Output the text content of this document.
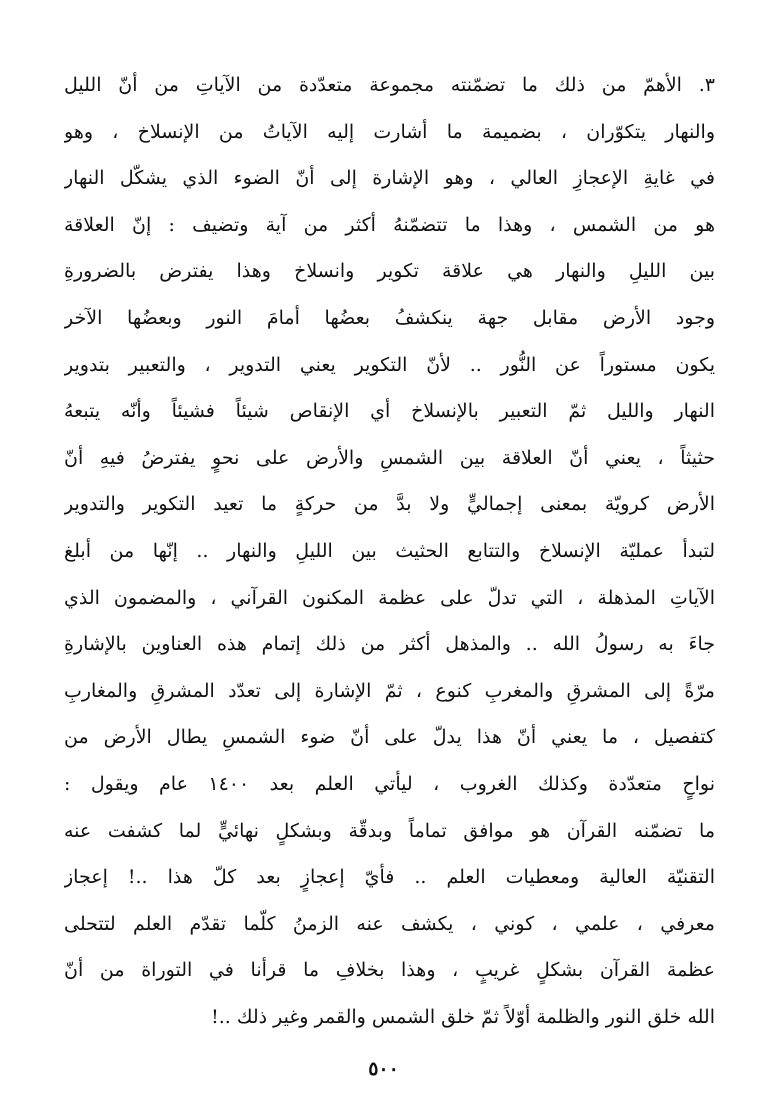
٣. الأهمّ من ذلك ما تضمّنته مجموعة متعدّدة من الآياتِ من أنّ الليل
والنهار يتكوّران ، بضميمة ما أشارت إليه الآياتُ من الإنسلاخ ، وهو
في غايةِ الإعجازِ العالي ، وهو الإشارة إلى أنّ الضوء الذي يشكّل النهار
هو من الشمس ، وهذا ما تتضمّنهُ أكثر من آية وتضيف : إنّ العلاقة
بين الليلِ والنهار هي علاقة تكوير وانسلاخ وهذا يفترض بالضرورةِ
وجود الأرض مقابل جهة ينكشفُ بعضُها أمامَ النور وبعضُها الآخر
يكون مستوراً عن النُّور .. لأنّ التكوير يعني التدوير ، والتعبير بتدوير
النهار والليل ثمّ التعبير بالإنسلاخ أي الإنقاص شيئاً فشيئاً وأنّه يتبعهُ
حثيثاً ، يعني أنّ العلاقة بين الشمسِ والأرض على نحوٍ يفترضُ فيهِ أنّ
الأرض كرويّة بمعنى إجماليٍّ ولا بدَّ من حركةٍ ما تعيد التكوير والتدوير
لتبدأ عمليّة الإنسلاخ والتتابع الحثيث بين الليلِ والنهار .. إنّها من أبلغ
الآياتِ المذهلة ، التي تدلّ على عظمة المكنون القرآني ، والمضمون الذي
جاءَ به رسولُ الله .. والمذهل أكثر من ذلك إتمام هذه العناوين بالإشارةِ
مرّةً إلى المشرقِ والمغربِ كنوع ، ثمّ الإشارة إلى تعدّد المشرقِ والمغاربِ
كتفصيل ، ما يعني أنّ هذا يدلّ على أنّ ضوء الشمسِ يطال الأرض من
نواحٍ متعدّدة وكذلك الغروب ، ليأتي العلم بعد ١٤٠٠ عام ويقول :
ما تضمّنه القرآن هو موافق تماماً وبدقّة وبشكلٍ نهائيٍّ لما كشفت عنه
التقنيّة العالية ومعطيات العلم .. فأيّ إعجازٍ بعد كلّ هذا ..! إعجاز
معرفي ، علمي ، كوني ، يكشف عنه الزمنُ كلّما تقدّم العلم لتتحلى
عظمة القرآن بشكلٍ غريبٍ ، وهذا بخلافِ ما قرأنا في التوراة من أنّ
الله خلق النور والظلمة أوّلاً ثمّ خلق الشمس والقمر وغير ذلك ..!
٥٠٠
